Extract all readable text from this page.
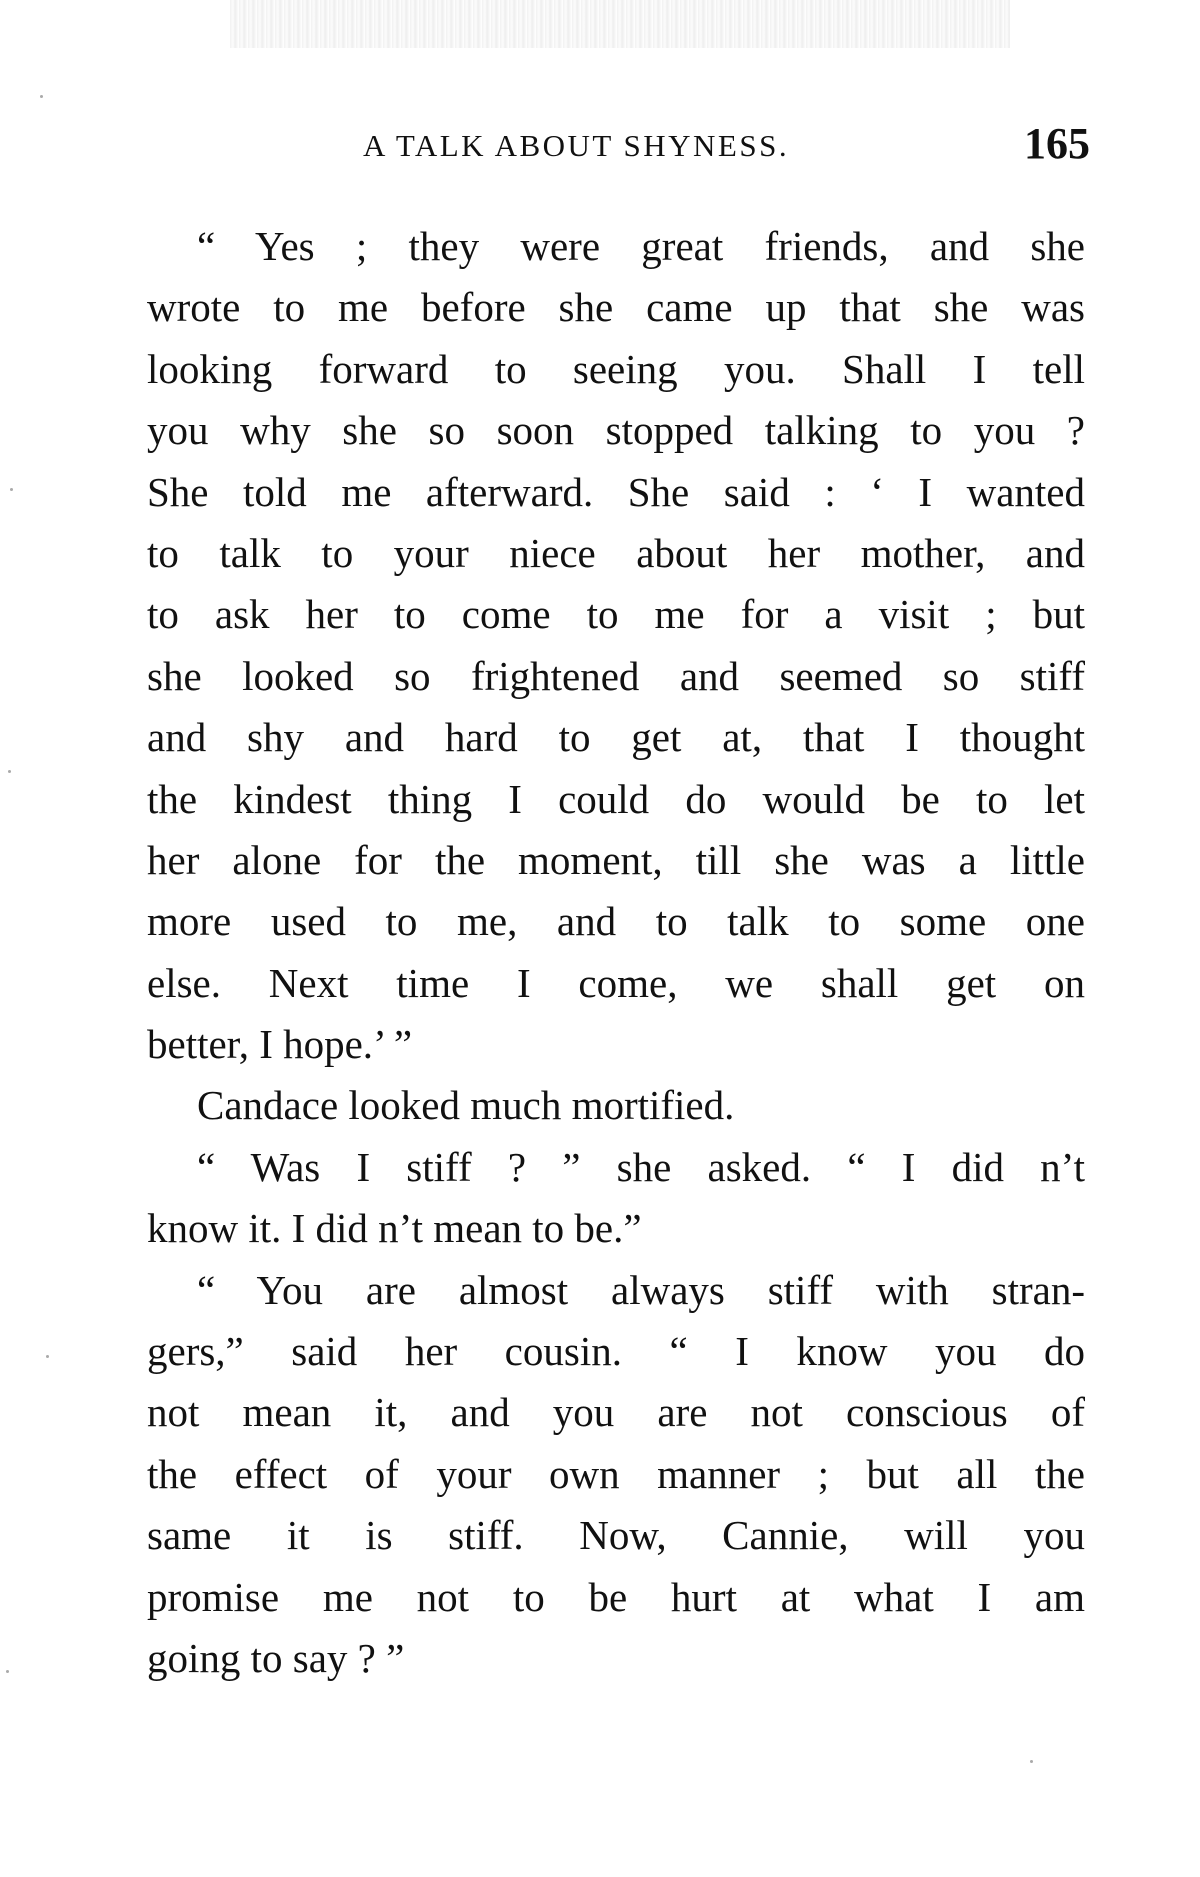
A TALK ABOUT SHYNESS.	165
“ Yes ; they were great friends, and she
wrote to me before she came up that she was
looking forward to seeing you. Shall I tell
you why she so soon stopped talking to you ?
She told me afterward. She said : ‘ I wanted
to talk to your niece about her mother, and
to ask her to come to me for a visit ; but
she looked so frightened and seemed so stiff
and shy and hard to get at, that I thought
the kindest thing I could do would be to let
her alone for the moment, till she was a little
more used to me, and to talk to some one
else. Next time I come, we shall get on
better, I hope.’ ”
Candace looked much mortified.
“ Was I stiff ? ” she asked. “ I did n’t
know it. I did n’t mean to be.”
“ You are almost always stiff with stran-
gers,” said her cousin. “ I know you do
not mean it, and you are not conscious of
the effect of your own manner ; but all the
same it is stiff. Now, Cannie, will you
promise me not to be hurt at what I am
going to say ? ”
